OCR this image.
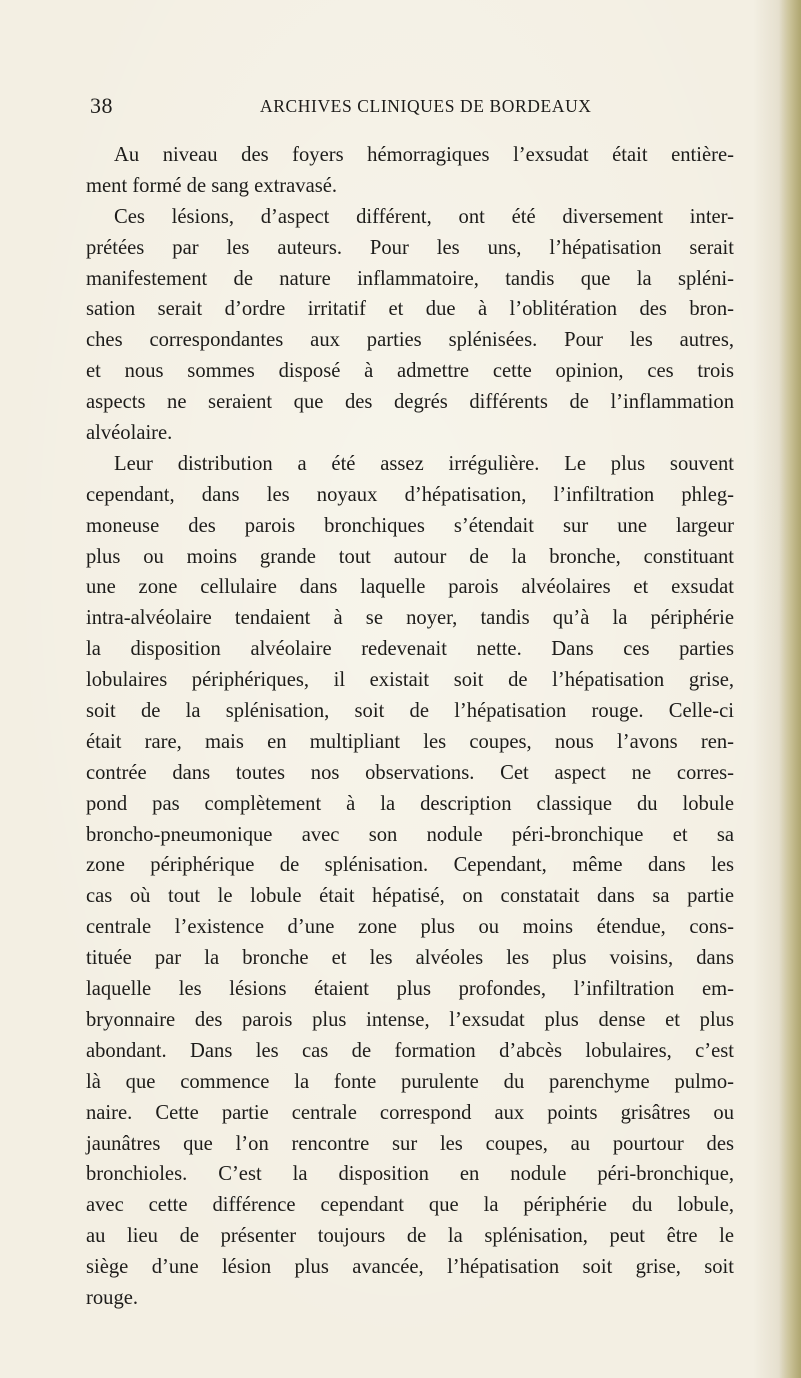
38	ARCHIVES CLINIQUES DE BORDEAUX
Au niveau des foyers hémorragiques l’exsudat était entière-
ment formé de sang extravasé.
Ces lésions, d’aspect différent, ont été diversement inter-
prétées par les auteurs. Pour les uns, l’hépatisation serait
manifestement de nature inflammatoire, tandis que la spléni-
sation serait d’ordre irritatif et due à l’oblitération des bron-
ches correspondantes aux parties splénisées. Pour les autres,
et nous sommes disposé à admettre cette opinion, ces trois
aspects ne seraient que des degrés différents de l’inflammation
alvéolaire.
Leur distribution a été assez irrégulière. Le plus souvent
cependant, dans les noyaux d’hépatisation, l’infiltration phleg-
moneuse des parois bronchiques s’étendait sur une largeur
plus ou moins grande tout autour de la bronche, constituant
une zone cellulaire dans laquelle parois alvéolaires et exsudat
intra-alvéolaire tendaient à se noyer, tandis qu’à la périphérie
la disposition alvéolaire redevenait nette. Dans ces parties
lobulaires périphériques, il existait soit de l’hépatisation grise,
soit de la splénisation, soit de l’hépatisation rouge. Celle-ci
était rare, mais en multipliant les coupes, nous l’avons ren-
contrée dans toutes nos observations. Cet aspect ne corres-
pond pas complètement à la description classique du lobule
broncho-pneumonique avec son nodule péri-bronchique et sa
zone périphérique de splénisation. Cependant, même dans les
cas où tout le lobule était hépatisé, on constatait dans sa partie
centrale l’existence d’une zone plus ou moins étendue, cons-
tituée par la bronche et les alvéoles les plus voisins, dans
laquelle les lésions étaient plus profondes, l’infiltration em-
bryonnaire des parois plus intense, l’exsudat plus dense et plus
abondant. Dans les cas de formation d’abcès lobulaires, c’est
là que commence la fonte purulente du parenchyme pulmo-
naire. Cette partie centrale correspond aux points grisâtres ou
jaunâtres que l’on rencontre sur les coupes, au pourtour des
bronchioles. C’est la disposition en nodule péri-bronchique,
avec cette différence cependant que la périphérie du lobule,
au lieu de présenter toujours de la splénisation, peut être le
siège d’une lésion plus avancée, l’hépatisation soit grise, soit
rouge.
